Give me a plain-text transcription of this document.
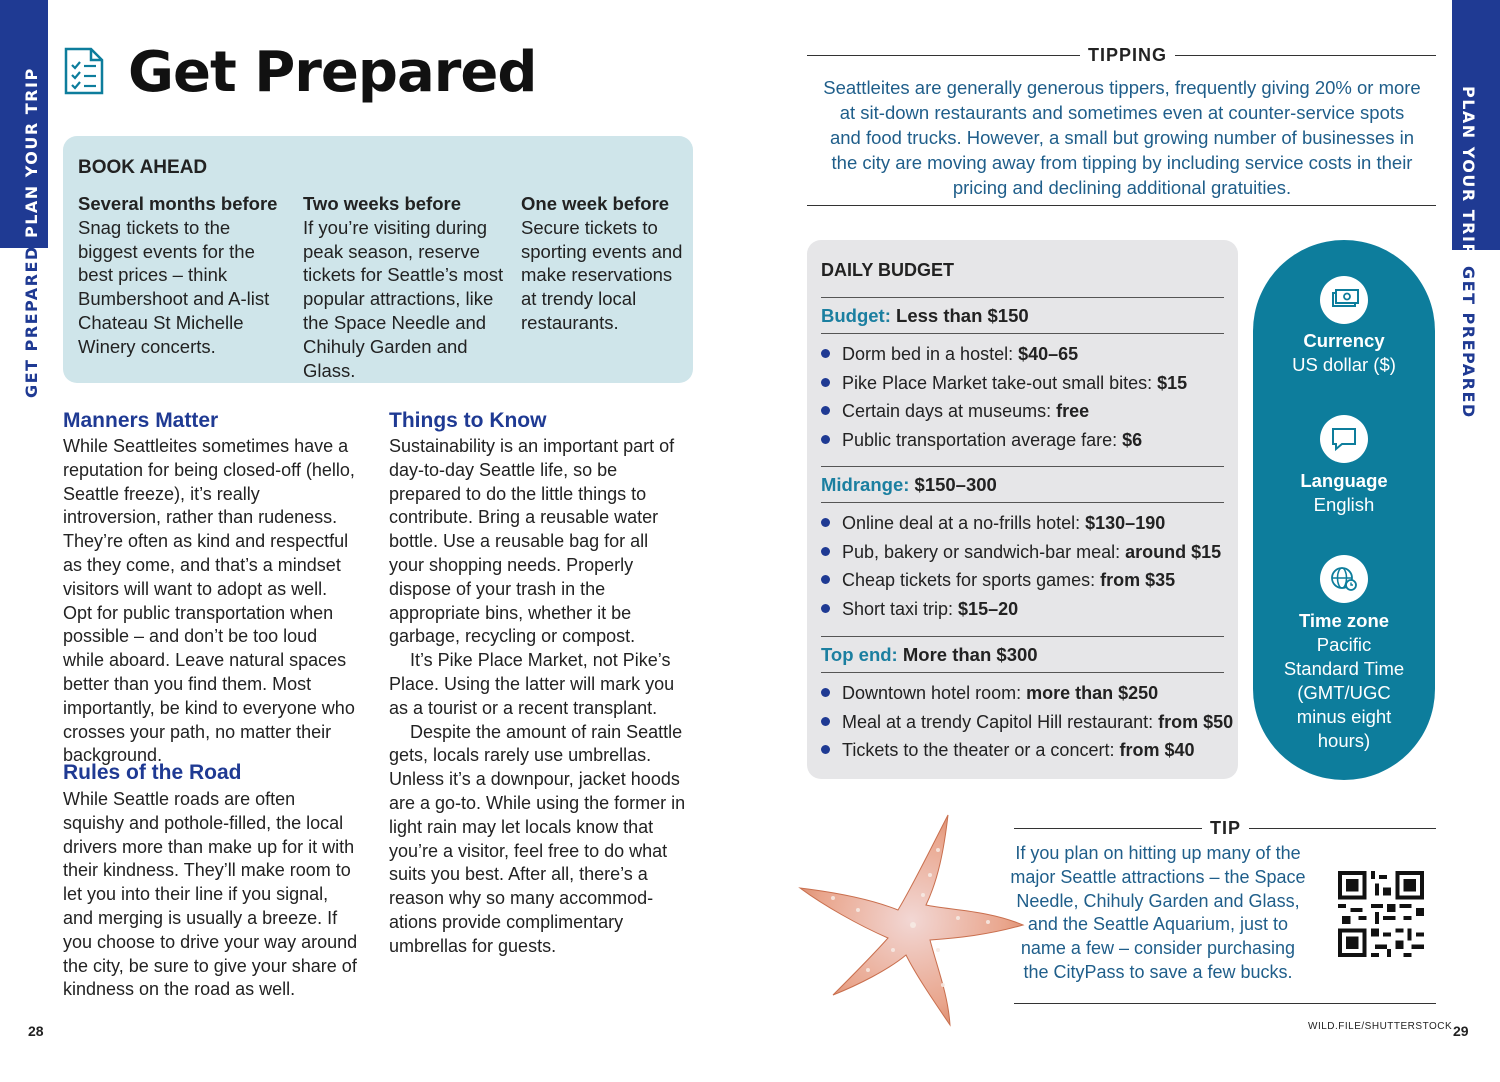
PLAN YOUR TRIP
GET PREPARED
PLAN YOUR TRIP
GET PREPARED
Get Prepared
BOOK AHEAD
Several months before Snag tickets to the biggest events for the best prices – think Bumbershoot and A-list Chateau St Michelle Winery concerts.
Two weeks before
If you’re visiting during peak season, reserve tickets for Seattle’s most popular attractions, like the Space Needle and Chihuly Garden and Glass.
One week before
Secure tickets to sporting events and make reservations at trendy local restaurants.
Manners Matter
While Seattleites sometimes have a reputation for being closed-off (hello, Seattle freeze), it’s really introversion, rather than rudeness. They’re often as kind and respectful as they come, and that’s a mindset visitors will want to adopt as well. Opt for public transportation when possible – and don’t be too loud while aboard. Leave natural spaces better than you find them. Most importantly, be kind to everyone who crosses your path, no matter their background.
Rules of the Road
While Seattle roads are often squishy and pothole-filled, the local drivers more than make up for it with their kindness. They’ll make room to let you into their line if you signal, and merging is usually a breeze. If you choose to drive your way around the city, be sure to give your share of kindness on the road as well.
Things to Know
Sustainability is an important part of day-to-day Seattle life, so be prepared to do the little things to contribute. Bring a reusable water bottle. Use a reusable bag for all your shopping needs. Properly dispose of your trash in the appropriate bins, whether it be garbage, recycling or compost.
It’s Pike Place Market, not Pike’s Place. Using the latter will mark you as a tourist or a recent transplant.
Despite the amount of rain Seattle gets, locals rarely use umbrellas. Unless it’s a downpour, jacket hoods are a go-to. While using the former in light rain may let locals know that you’re a visitor, feel free to do what suits you best. After all, there’s a reason why so many accommod-ations provide complimentary umbrellas for guests.
TIPPING
Seattleites are generally generous tippers, frequently giving 20% or more at sit-down restaurants and sometimes even at counter-service spots and food trucks. However, a small but growing number of businesses in the city are moving away from tipping by including service costs in their pricing and declining additional gratuities.
DAILY BUDGET
Budget: Less than $150
Dorm bed in a hostel: $40–65
Pike Place Market take-out small bites: $15
Certain days at museums: free
Public transportation average fare: $6
Midrange: $150–300
Online deal at a no-frills hotel: $130–190
Pub, bakery or sandwich-bar meal: around $15
Cheap tickets for sports games: from $35
Short taxi trip: $15–20
Top end: More than $300
Downtown hotel room: more than $250
Meal at a trendy Capitol Hill restaurant: from $50
Tickets to the theater or a concert: from $40
Currency
US dollar ($)
Language
English
Time zone
Pacific Standard Time (GMT/UGC minus eight hours)
TIP
If you plan on hitting up many of the major Seattle attractions – the Space Needle, Chihuly Garden and Glass, and the Seattle Aquarium, just to name a few – consider purchasing the CityPass to save a few bucks.
WILD.FILE/SHUTTERSTOCK
28	29
